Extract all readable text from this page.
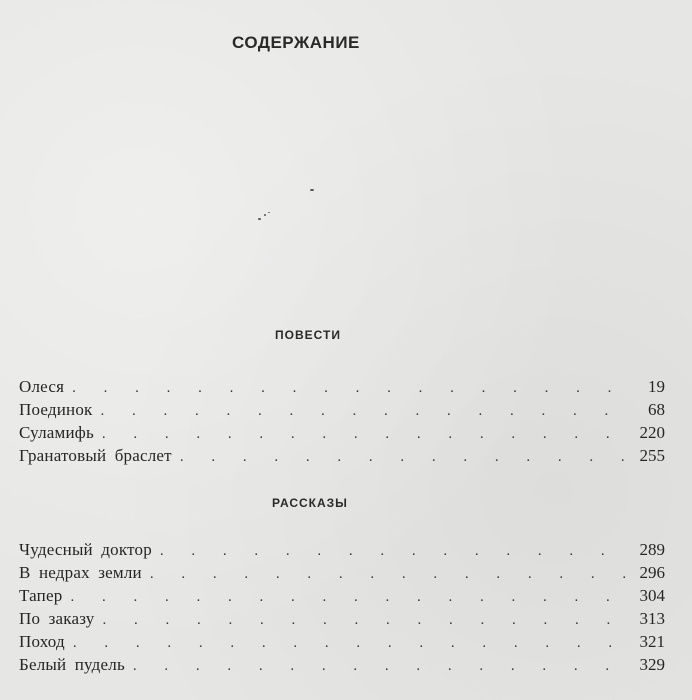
СОДЕРЖАНИЕ
ПОВЕСТИ
Олеся . . .	19
Поединок . . .	68
Суламифь . . .	220
Гранатовый браслет . . .	255
РАССКАЗЫ
Чудесный доктор . . .	289
В недрах земли . . .	296
Тапер . . .	304
По заказу . . .	313
Поход . . .	321
Белый пудель . . .	329
